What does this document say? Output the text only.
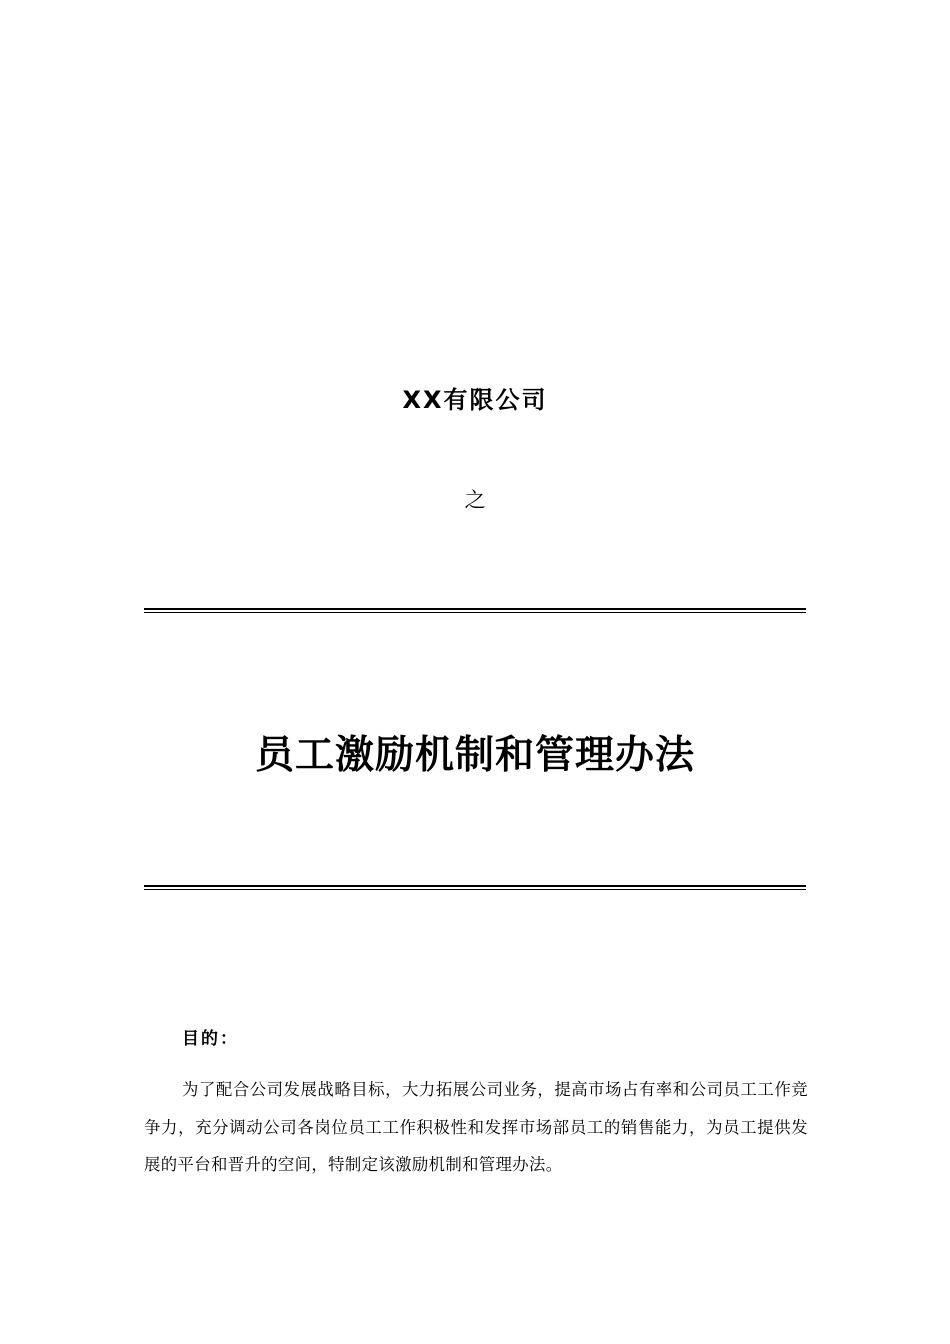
XX有限公司
之
员工激励机制和管理办法
目的：

为了配合公司发展战略目标，大力拓展公司业务，提高市场占有率和公司员工工作竞争力，充分调动公司各岗位员工工作积极性和发挥市场部员工的销售能力，为员工提供发展的平台和晋升的空间，特制定该激励机制和管理办法。
